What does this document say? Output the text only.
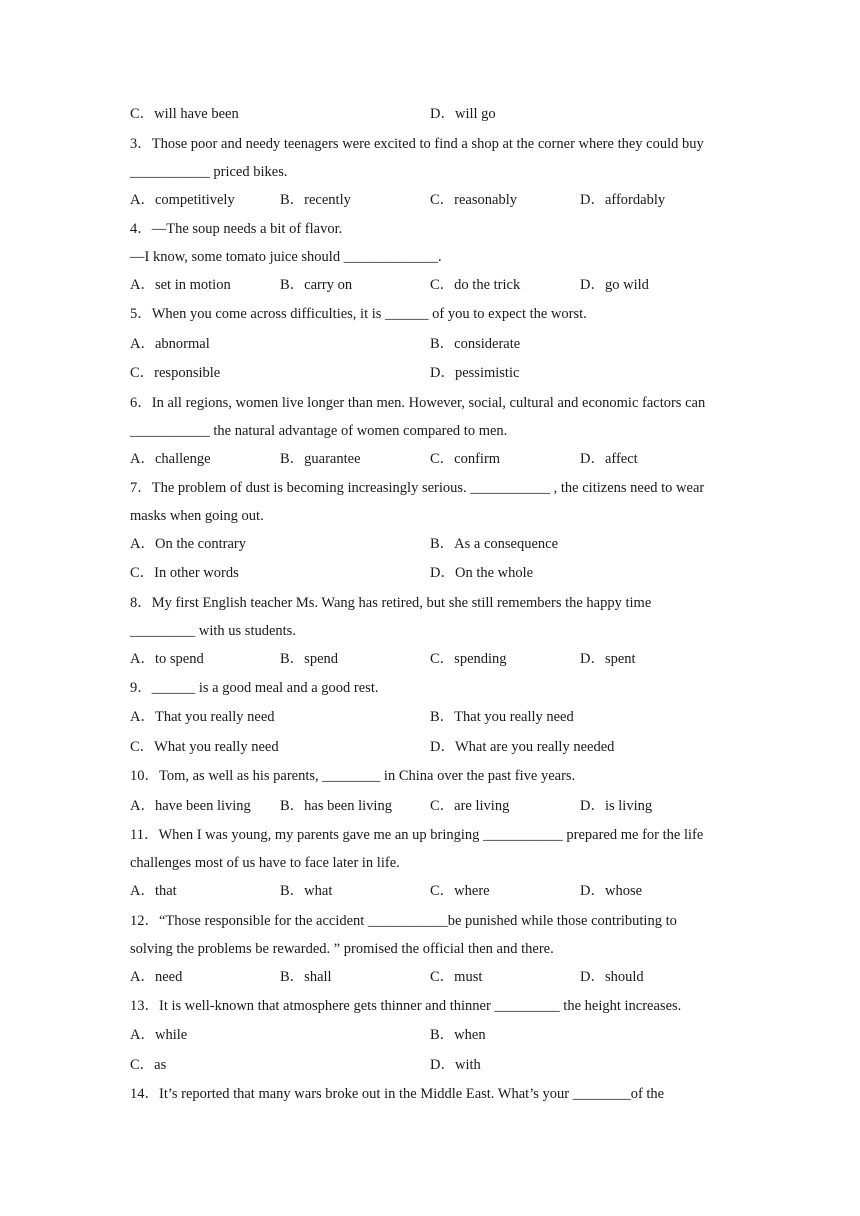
C．will have been	D．will go
3．Those poor and needy teenagers were excited to find a shop at the corner where they could buy
___________ priced bikes.
A．competitively	B．recently	C．reasonably	D．affordably
4．—The soup needs a bit of flavor.
—I know, some tomato juice should _____________.
A．set in motion	B．carry on	C．do the trick	D．go wild
5．When you come across difficulties, it is ______ of you to expect the worst.
A．abnormal	B．considerate
C．responsible	D．pessimistic
6．In all regions, women live longer than men. However, social, cultural and economic factors can
___________ the natural advantage of women compared to men.
A．challenge	B．guarantee	C．confirm	D．affect
7．The problem of dust is becoming increasingly serious. ___________ , the citizens need to wear
masks when going out.
A．On the contrary	B．As a consequence
C．In other words	D．On the whole
8．My first English teacher Ms. Wang has retired, but she still remembers the happy time
_________ with us students.
A．to spend	B．spend	C．spending	D．spent
9．______ is a good meal and a good rest.
A．That you really need	B．That you really need
C．What you really need	D．What are you really needed
10．Tom, as well as his parents, ________ in China over the past five years.
A．have been living B．has been living	C．are living	D．is living
11．When I was young, my parents gave me an up bringing ___________ prepared me for the life
challenges most of us have to face later in life.
A．that	B．what	C．where	D．whose
12．“Those responsible for the accident ___________be punished while those contributing to
solving the problems be rewarded. ” promised the official then and there.
A．need	B．shall	C．must	D．should
13．It is well-known that atmosphere gets thinner and thinner _________ the height increases.
A．while	B．when
C．as	D．with
14．It’s reported that many wars broke out in the Middle East. What’s your ________of the
